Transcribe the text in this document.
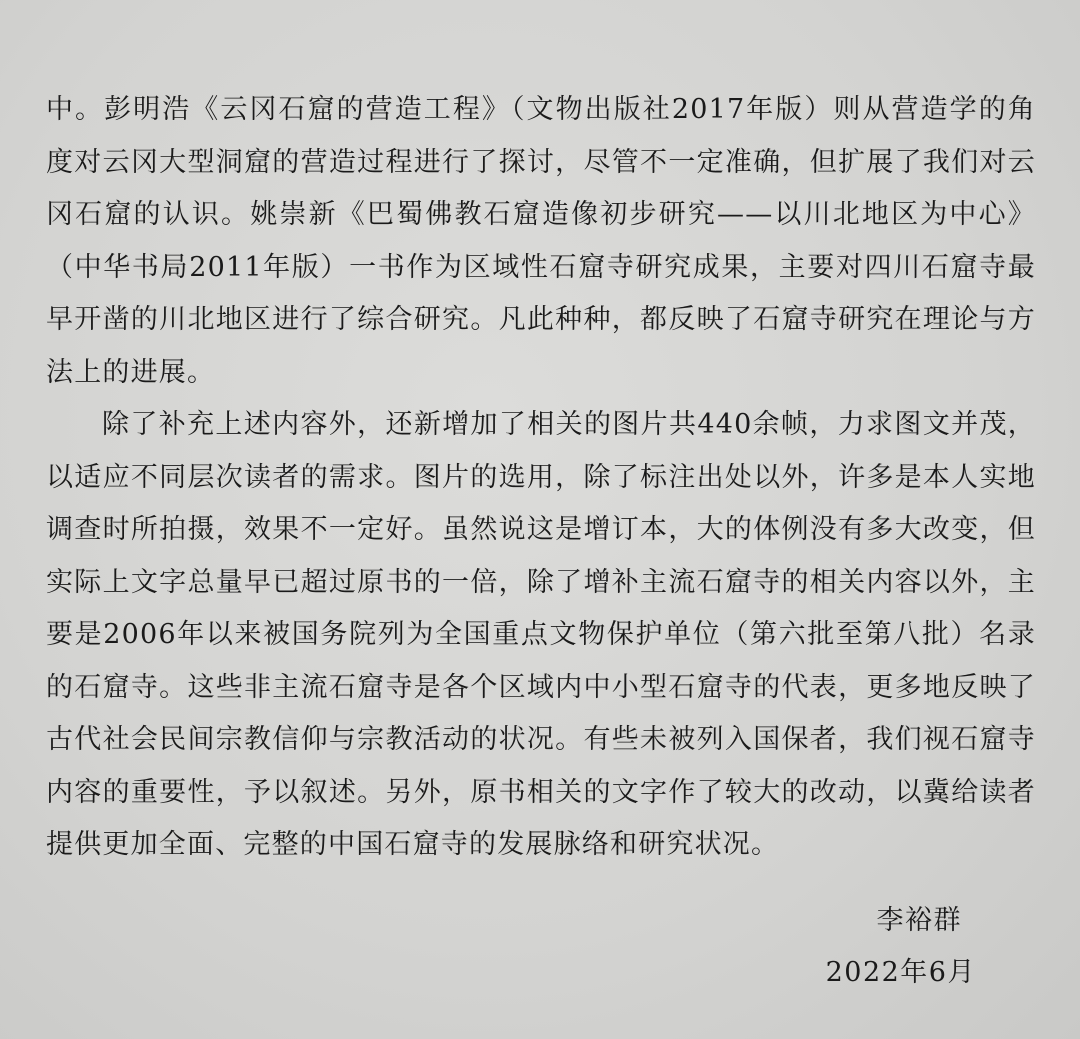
中。彭明浩《云冈石窟的营造工程》（文物出版社2017年版）则从营造学的角度对云冈大型洞窟的营造过程进行了探讨，尽管不一定准确，但扩展了我们对云冈石窟的认识。姚崇新《巴蜀佛教石窟造像初步研究——以川北地区为中心》（中华书局2011年版）一书作为区域性石窟寺研究成果，主要对四川石窟寺最早开凿的川北地区进行了综合研究。凡此种种，都反映了石窟寺研究在理论与方法上的进展。

除了补充上述内容外，还新增加了相关的图片共440余帧，力求图文并茂，以适应不同层次读者的需求。图片的选用，除了标注出处以外，许多是本人实地调查时所拍摄，效果不一定好。虽然说这是增订本，大的体例没有多大改变，但实际上文字总量早已超过原书的一倍，除了增补主流石窟寺的相关内容以外，主要是2006年以来被国务院列为全国重点文物保护单位（第六批至第八批）名录的石窟寺。这些非主流石窟寺是各个区域内中小型石窟寺的代表，更多地反映了古代社会民间宗教信仰与宗教活动的状况。有些未被列入国保者，我们视石窟寺内容的重要性，予以叙述。另外，原书相关的文字作了较大的改动，以冀给读者提供更加全面、完整的中国石窟寺的发展脉络和研究状况。

李裕群
2022年6月
